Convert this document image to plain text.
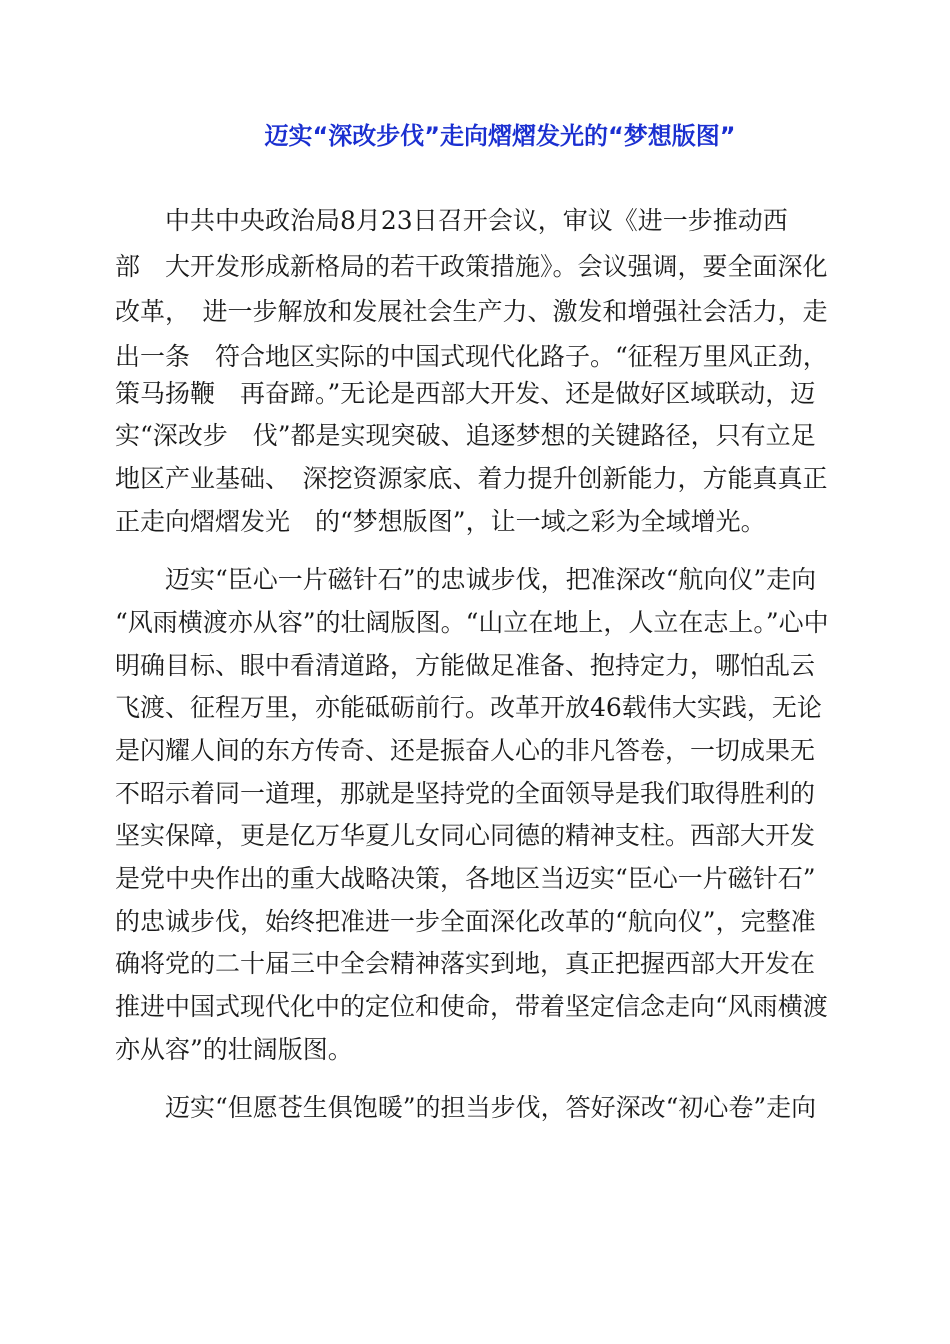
迈实“深改步伐”走向熠熠发光的“梦想版图”
中共中央政治局8月23日召开会议，审议《进一步推动西
部　大开发形成新格局的若干政策措施》。会议强调，要全面深化
改革，　进一步解放和发展社会生产力、激发和增强社会活力，走
出一条　符合地区实际的中国式现代化路子。“征程万里风正劲，
策马扬鞭　再奋蹄。”无论是西部大开发、还是做好区域联动，迈
实“深改步　伐”都是实现突破、追逐梦想的关键路径，只有立足
地区产业基础、　深挖资源家底、着力提升创新能力，方能真真正
正走向熠熠发光　的“梦想版图”，让一域之彩为全域增光。
迈实“臣心一片磁针石”的忠诚步伐，把准深改“航向仪”走向
“风雨横渡亦从容”的壮阔版图。“山立在地上，人立在志上。”心中
明确目标、眼中看清道路，方能做足准备、抱持定力，哪怕乱云
飞渡、征程万里，亦能砥砺前行。改革开放46载伟大实践，无论
是闪耀人间的东方传奇、还是振奋人心的非凡答卷，一切成果无
不昭示着同一道理，那就是坚持党的全面领导是我们取得胜利的
坚实保障，更是亿万华夏儿女同心同德的精神支柱。西部大开发
是党中央作出的重大战略决策，各地区当迈实“臣心一片磁针石”
的忠诚步伐，始终把准进一步全面深化改革的“航向仪”，完整准
确将党的二十届三中全会精神落实到地，真正把握西部大开发在
推进中国式现代化中的定位和使命，带着坚定信念走向“风雨横渡
亦从容”的壮阔版图。
迈实“但愿苍生俱饱暖”的担当步伐，答好深改“初心卷”走向
